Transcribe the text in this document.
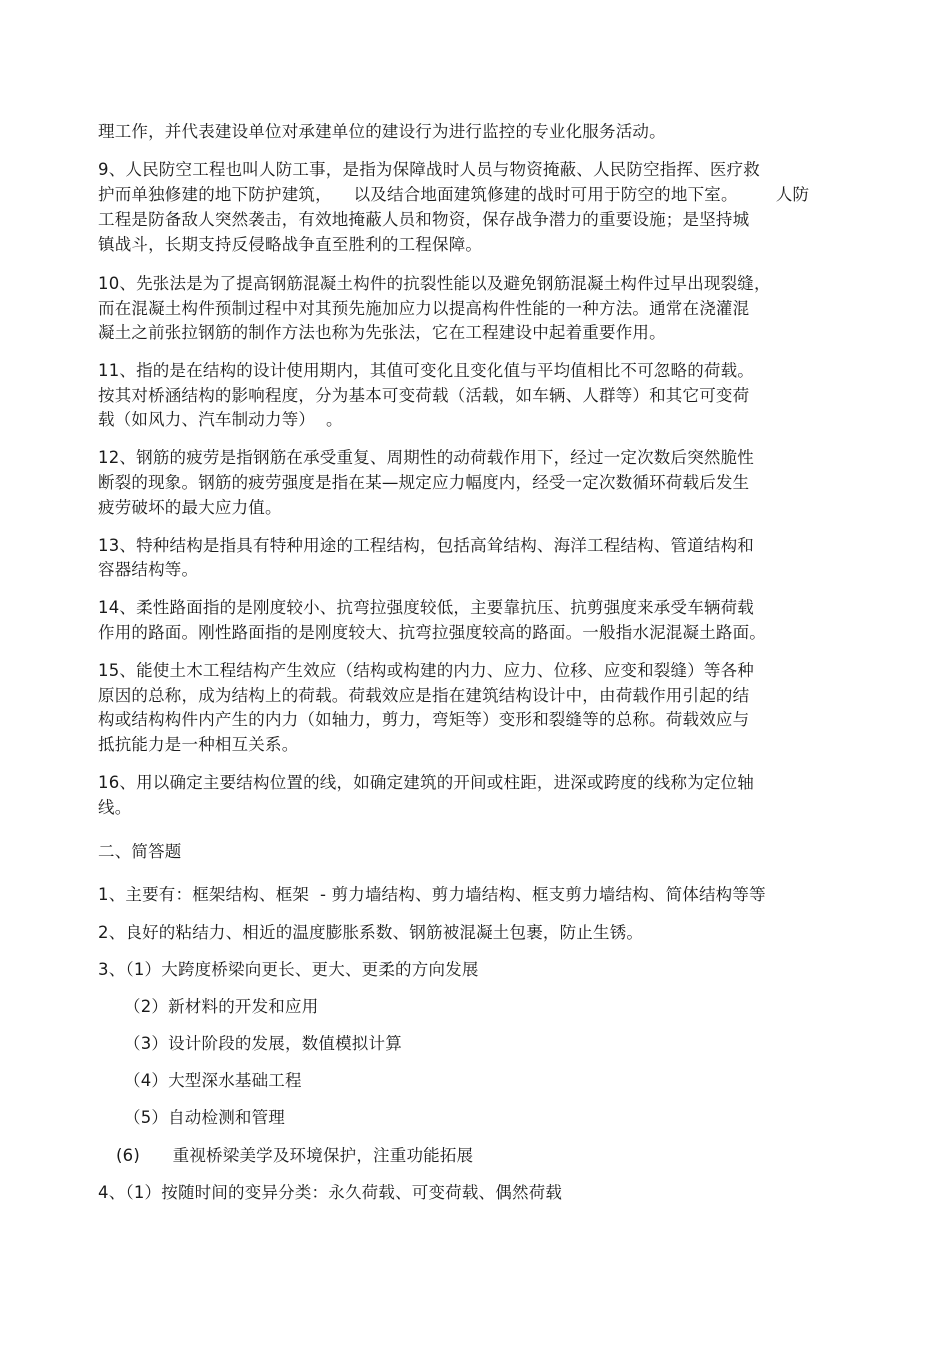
理工作，并代表建设单位对承建单位的建设行为进行监控的专业化服务活动。
9、人民防空工程也叫人防工事，是指为保障战时人员与物资掩蔽、人民防空指挥、医疗救
护而单独修建的地下防护建筑，    以及结合地面建筑修建的战时可用于防空的地下室。       人防
工程是防备敌人突然袭击，有效地掩蔽人员和物资，保存战争潜力的重要设施；是坚持城
镇战斗，长期支持反侵略战争直至胜利的工程保障。
10、先张法是为了提高钢筋混凝土构件的抗裂性能以及避免钢筋混凝土构件过早出现裂缝，
而在混凝土构件预制过程中对其预先施加应力以提高构件性能的一种方法。通常在浇灌混
凝土之前张拉钢筋的制作方法也称为先张法，它在工程建设中起着重要作用。
11、指的是在结构的设计使用期内，其值可变化且变化值与平均值相比不可忽略的荷载。
按其对桥涵结构的影响程度，分为基本可变荷载（活载，如车辆、人群等）和其它可变荷
载（如风力、汽车制动力等）  。
12、钢筋的疲劳是指钢筋在承受重复、周期性的动荷载作用下，经过一定次数后突然脆性
断裂的现象。钢筋的疲劳强度是指在某—规定应力幅度内，经受一定次数循环荷载后发生
疲劳破坏的最大应力值。
13、特种结构是指具有特种用途的工程结构，包括高耸结构、海洋工程结构、管道结构和
容器结构等。
14、柔性路面指的是刚度较小、抗弯拉强度较低，主要靠抗压、抗剪强度来承受车辆荷载
作用的路面。刚性路面指的是刚度较大、抗弯拉强度较高的路面。一般指水泥混凝土路面。
15、能使土木工程结构产生效应（结构或构建的内力、应力、位移、应变和裂缝）等各种
原因的总称，成为结构上的荷载。荷载效应是指在建筑结构设计中，由荷载作用引起的结
构或结构构件内产生的内力（如轴力，剪力，弯矩等）变形和裂缝等的总称。荷载效应与
抵抗能力是一种相互关系。
16、用以确定主要结构位置的线，如确定建筑的开间或柱距，进深或跨度的线称为定位轴
线。
二、简答题
1、主要有：框架结构、框架  - 剪力墙结构、剪力墙结构、框支剪力墙结构、简体结构等等
2、良好的粘结力、相近的温度膨胀系数、钢筋被混凝土包裹，防止生锈。
3、（1）大跨度桥梁向更长、更大、更柔的方向发展
（2）新材料的开发和应用
（3）设计阶段的发展，数值模拟计算
（4）大型深水基础工程
（5）自动检测和管理
(6)      重视桥梁美学及环境保护，注重功能拓展
4、（1）按随时间的变异分类：永久荷载、可变荷载、偶然荷载
